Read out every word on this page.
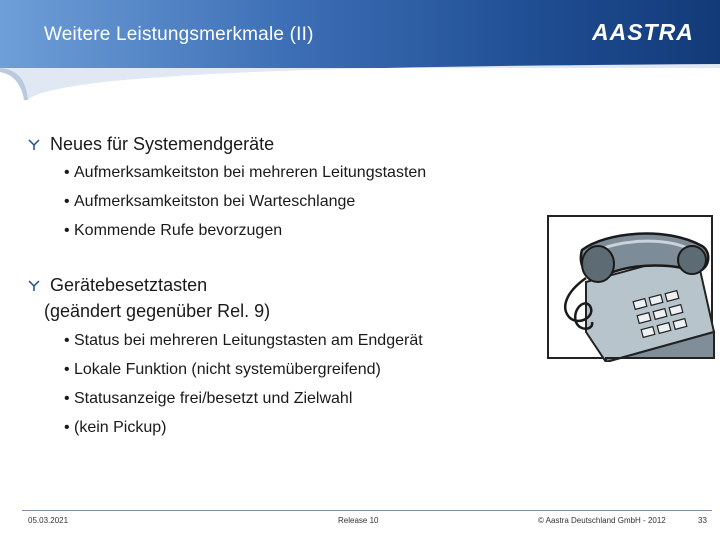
Weitere Leistungsmerkmale (II)	AASTRA
Neues für Systemendgeräte
• Aufmerksamkeitston bei mehreren Leitungstasten
• Aufmerksamkeitston bei Warteschlange
• Kommende Rufe bevorzugen
Gerätebesetztasten
(geändert gegenüber Rel. 9)
• Status bei mehreren Leitungstasten am Endgerät
• Lokale Funktion (nicht systemübergreifend)
• Statusanzeige frei/besetzt und Zielwahl
• (kein Pickup)
05.03.2021	Release 10	© Aastra Deutschland GmbH - 2012	33
